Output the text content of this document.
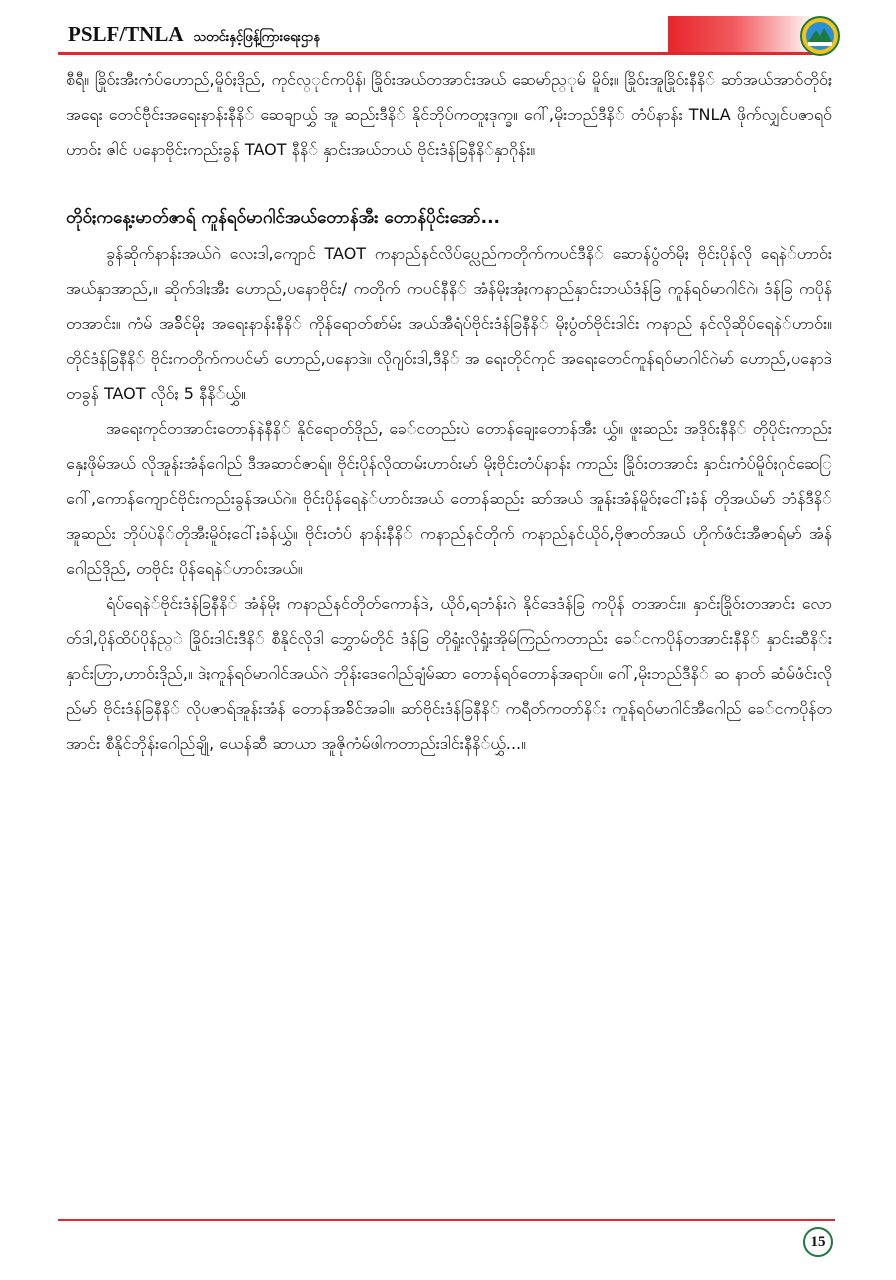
PSLF/TNLA သတင်းနှင့်ဖြန့်ကြားရေးဌာန

စီရီ။ ခြိုဝ်းအီးကံပ်ဟောည်,မိူဝ်ႏဒိုည်, ကုင်လ္ုင်ကပိုန်၊ ခြိုဝ်းအယ်တအာင်းအယ် ဆေမာ်ည္ုမ် မိူဝ်ႏ။ ခြိုဝ်းအူခြိုဝ်းနီနိ် ဆာ်အယ်အာဝ်တိုဝ်ႏအရေး တေင်ဗီုင်းအရေးနာန်းနီနိ် ဆေချာယွှ် အူ ဆည်းဒီနိ် နိုင်ဘိုပ်ကတူႏဒုက္ခ။ ဂေါ်,မိုးဘည်ဒီနိ် တံပ်နာန်း TNLA ဖိုက်လျှင်ပဇာရဝ်ဟာဝ်း ဇါင် ပနောဗိုင်းကည်းခွန် TAOT နီနိ် နှာင်းအယ်ဘယ် ဗိုင်းဒံန်ခြနီနိ်နှာဂိုန်း။

တိုဝ်ႏကနေ့းမာတ်ဇာရ် ကူန်ရဝ်မာဂါင်အယ်တောန်အီး တောန်ပိုင်းအော်...

ခွန်ဆိုက်နာန်းအယ်ဂဲ လေးဒါ,ကျောင် TAOT ကနာည်နင်လိပ်ပ္လေည်ကတိုက်ကပင်ဒီနိ် ဆောန်ပွံတ်မိုႏ ဗိုင်းပိုန်လို ရေနဲ်ဟာဝ်းအယ်နှာအာည်,။ ဆိုက်ဒါႏအီး ဟောည်,ပနောဗိုင်း/ ကတိုက် ကပင်နီနိ် အံန်မိုႏအုံႏကနာည်နှာင်းဘယ်ဒံန်ခြ ကူန်ရဝ်မာဂါင်ဂဲ၊ ဒံန်ခြ ကပိုန်တအာင်း။ ကံမ် အခ်ိင်မိုႏ အရေးနာန်းနီနိ် ကိုန်ရောတ်စာ်မ်း အယ်အီရံပ်ဗိုင်းဒံန်ခြနီနိ် မိုႏပွံတ်ဗိုင်းဒါင်း ကနာည် နင်လိုဆိုပ်ရေနဲ်ဟာဝ်း။ တိုင်ဒံန်ခြနီနိ် ဗိုင်းကတိုက်ကပင်မာ် ဟောည်,ပနောဒဲ။ လိုဂျဝ်းဒါ,ဒီနိ် အ ရေးတိုင်ကုင် အရေးတေင်ကူန်ရဝ်မာဂါင်ဂဲမာ် ဟောည်,ပနောဒဲ တခွန် TAOT လိုဝ်ႏ 5 နီနိ်ယွှ်။

အရေးကုင်တအာင်းတောန်နဲနီနိ် နိုင်ရောတ်ဒိုည်, ခေ်ငတည်းပဲ တောန်ချေးတောန်အီး ယွှ်။ ဖူးဆည်း အဒိုဝ်းနီနိ် တိုပိုင်းကာည်း နှေႏဖိုမ်အယ် လိုအူန်းအံန်ဂေါည် ဒီအဆာင်ဇာရ်။ ဗိုင်းပိုန်လိုထာမ်းဟာဝ်းမာ် မိုႏဗိုင်းတံပ်နာန်း ကာည်း ခြိုဝ်းတအာင်း နှာင်းကံပ်မိူဝ်ႏဂုင်ဆေြ ဂေါ်,ကောန်ကျောင်ဗိုင်းကည်းခွန်အယ်ဂဲ။ ဗိုင်းပိုန်ရေနဲ်ဟာဝ်းအယ် တောန်ဆည်း ဆာ်အယ် အူန်းအံန်မိူဝ်ႏငေါ်ႏခံန် တိုအယ်မာ် ဘံန်ဒီနိ်အူဆည်း ဘိုပ်ပဲနိ်တိုအီးမိူဝ်ႏငေါ်ႏခံန်ယွှ်။ ဗိုင်းတံပ် နာန်းနီနိ် ကနာည်နင်တိုက် ကနာည်နင်ယိုဝ်,ဗိုဇာတ်အယ် ဟိုက်ဖံင်းအီဇာရ်မာ် အံန်ဂေါည်ဒိုည်, တဗိုင်း ပိုန်ရေနဲ်ဟာဝ်းအယ်။

ရံပ်ရေနဲ်ဗိုင်းဒံန်ခြနီနိ် အံန်မိုႏ ကနာည်နင်တိုတ်ကောန်ဒဲ, ယိုဝ်,ရဘံန်းဂဲ နိုင်ဒေဒံန်ခြ ကပိုန် တအာင်း။ နှာင်းခြိုဝ်းတအာင်း လောတ်ဒါ,ပိုန်ထိပ်ပိုန်ည္ဲ ခြိုဝ်းဒါင်းဒီနိ် စီနိုင်လိုဒါ ဘွှောမ်တိုင် ဒံန်ခြ တိုရှုံးလိုရှုံးအိုမ်ကြည်ကတာည်း ခေ်ငကပိုန်တအာင်းနီနိ် နှာင်းဆီနိ်း နှာင်းဟြာ,ဟာဝ်းဒိုည်,။ ဒဲႏကူန်ရဝ်မာဂါင်အယ်ဂဲ ဘိုန်းဒေဂေါည်ချံမ်ဆာ တောန်ရဝ်တောန်အရာပ်။ ဂေါ်,မိုးဘည်ဒီနိ် ဆ နာတ် ဆံမ်ဖံင်းလိုည်မာ် ဗိုင်းဒံန်ခြနီနိ် လိုပဇာရ်အူန်းအံန် တောန်အခ်ိင်အခါ။ ဆာ်ဗိုင်းဒံန်ခြနီနိ် ကရီတ်ကတာ်နိ်း ကူန်ရဝ်မာဂါင်အီဂေါည် ခေ်ငကပိုန်တအာင်း စီနိုင်ဘိုန်းဂေါည်ချို, ယေန်ဆီ ဆာယာ အူဇိုကံမ်ဖါကတာည်းဒါင်းနီနိ်ယွှ်...။

15
